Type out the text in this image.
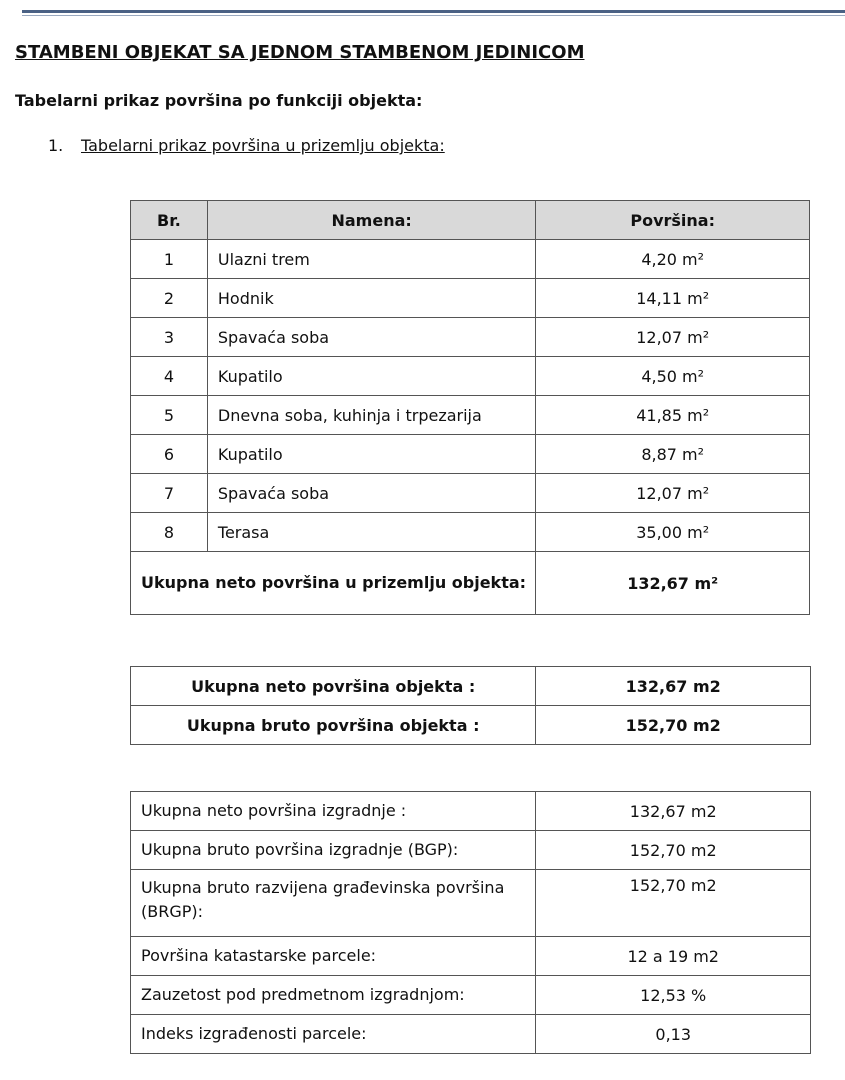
STAMBENI OBJEKAT SA JEDNOM STAMBENOM JEDINICOM
Tabelarni prikaz površina po funkciji objekta:

1. Tabelarni prikaz površina u prizemlju objekta:

Br.	Namena:	Površina:
1	Ulazni trem	4,20 m²
2	Hodnik	14,11 m²
3	Spavaća soba	12,07 m²
4	Kupatilo	4,50 m²
5	Dnevna soba, kuhinja i trpezarija	41,85 m²
6	Kupatilo	8,87 m²
7	Spavaća soba	12,07 m²
8	Terasa	35,00 m²
Ukupna neto površina u prizemlju objekta:		132,67 m²
Ukupna neto površina objekta :	132,67 m2
Ukupna bruto površina objekta :	152,70 m2
Ukupna neto površina izgradnje :	132,67 m2
Ukupna bruto površina izgradnje (BGP):	152,70 m2
Ukupna bruto razvijena građevinska površina (BRGP):	152,70 m2
Površina katastarske parcele:	12 a 19 m2
Zauzetost pod predmetnom izgradnjom:	12,53 %
Indeks izgrađenosti parcele:	0,13
